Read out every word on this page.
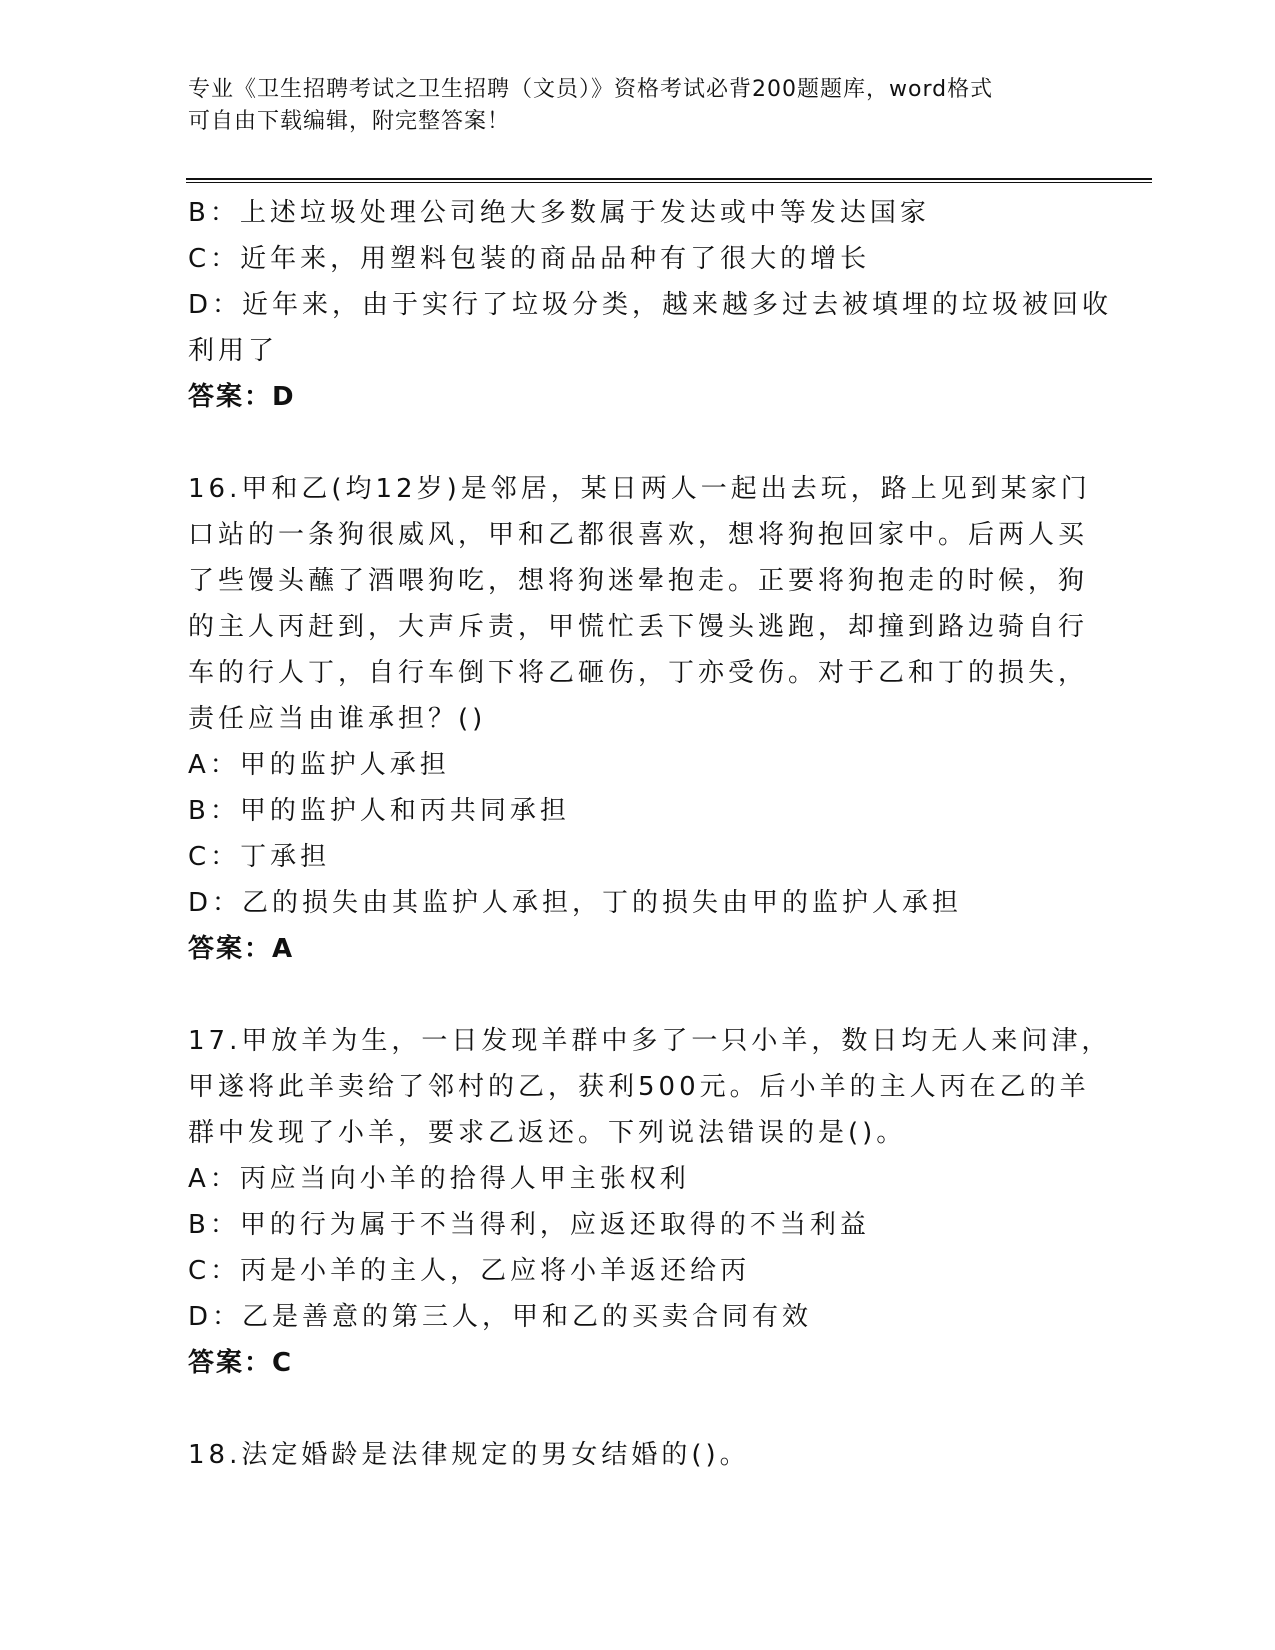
专业《卫生招聘考试之卫生招聘（文员）》资格考试必背200题题库，word格式
可自由下载编辑，附完整答案！
B：上述垃圾处理公司绝大多数属于发达或中等发达国家
C：近年来，用塑料包装的商品品种有了很大的增长
D：近年来，由于实行了垃圾分类，越来越多过去被填埋的垃圾被回收
利用了
答案：D
16.甲和乙(均12岁)是邻居，某日两人一起出去玩，路上见到某家门
口站的一条狗很威风，甲和乙都很喜欢，想将狗抱回家中。后两人买
了些馒头蘸了酒喂狗吃，想将狗迷晕抱走。正要将狗抱走的时候，狗
的主人丙赶到，大声斥责，甲慌忙丢下馒头逃跑，却撞到路边骑自行
车的行人丁，自行车倒下将乙砸伤，丁亦受伤。对于乙和丁的损失，
责任应当由谁承担？()
A：甲的监护人承担
B：甲的监护人和丙共同承担
C：丁承担
D：乙的损失由其监护人承担，丁的损失由甲的监护人承担
答案：A
17.甲放羊为生，一日发现羊群中多了一只小羊，数日均无人来问津，
甲遂将此羊卖给了邻村的乙，获利500元。后小羊的主人丙在乙的羊
群中发现了小羊，要求乙返还。下列说法错误的是()。
A：丙应当向小羊的拾得人甲主张权利
B：甲的行为属于不当得利，应返还取得的不当利益
C：丙是小羊的主人，乙应将小羊返还给丙
D：乙是善意的第三人，甲和乙的买卖合同有效
答案：C
18.法定婚龄是法律规定的男女结婚的()。
